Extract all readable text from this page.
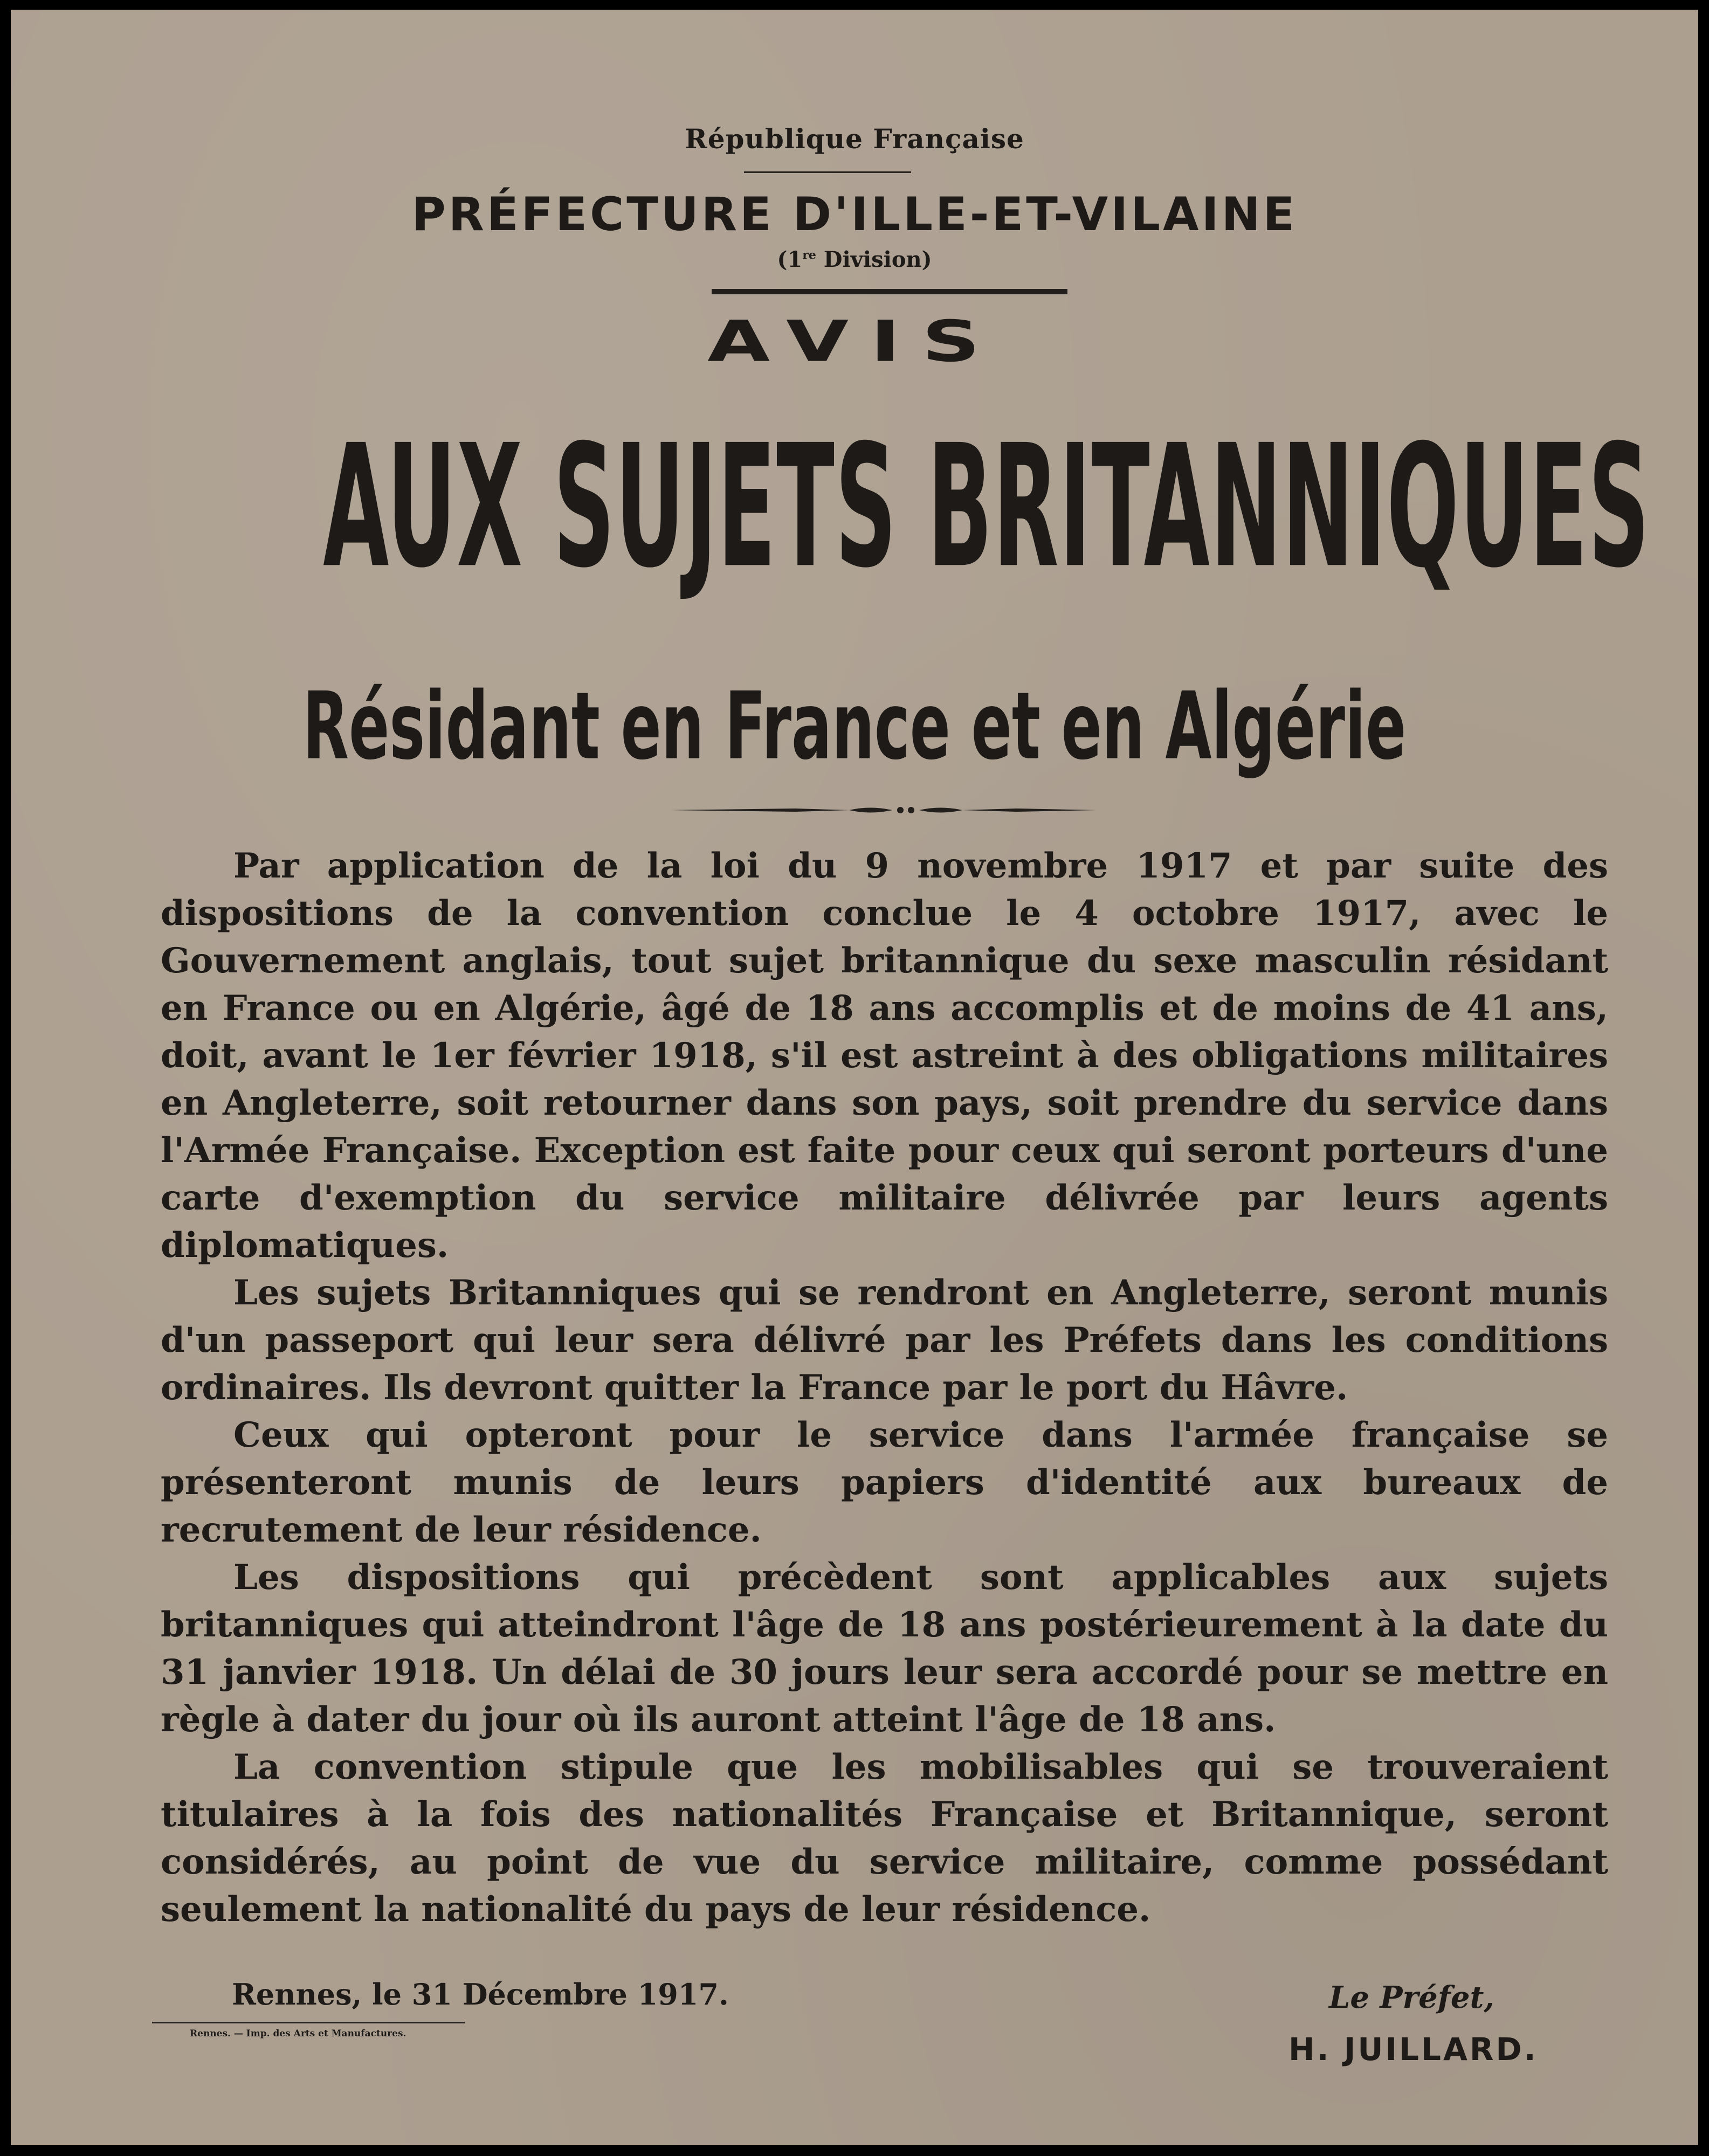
République Française
PRÉFECTURE D'ILLE-ET-VILAINE
(1re Division)
AVIS
AUX SUJETS BRITANNIQUES
Résidant en France et en Algérie

Par application de la loi du 9 novembre 1917 et par suite des dispositions de la convention conclue le 4 octobre 1917, avec le Gouvernement anglais, tout sujet britannique du sexe masculin résidant en France ou en Algérie, âgé de 18 ans accomplis et de moins de 41 ans, doit, avant le 1er février 1918, s'il est astreint à des obligations militaires en Angleterre, soit retourner dans son pays, soit prendre du service dans l'Armée Française. Exception est faite pour ceux qui seront porteurs d'une carte d'exemption du service militaire délivrée par leurs agents diplomatiques.

Les sujets Britanniques qui se rendront en Angleterre, seront munis d'un passeport qui leur sera délivré par les Préfets dans les conditions ordinaires. Ils devront quitter la France par le port du Hâvre.

Ceux qui opteront pour le service dans l'armée française se présenteront munis de leurs papiers d'identité aux bureaux de recrutement de leur résidence.

Les dispositions qui précèdent sont applicables aux sujets britanniques qui atteindront l'âge de 18 ans postérieurement à la date du 31 janvier 1918. Un délai de 30 jours leur sera accordé pour se mettre en règle à dater du jour où ils auront atteint l'âge de 18 ans.

La convention stipule que les mobilisables qui se trouveraient titulaires à la fois des nationalités Française et Britannique, seront considérés, au point de vue du service militaire, comme possédant seulement la nationalité du pays de leur résidence.

Rennes, le 31 Décembre 1917.
Rennes. — Imp. des Arts et Manufactures.
Le Préfet,
H. JUILLARD.
